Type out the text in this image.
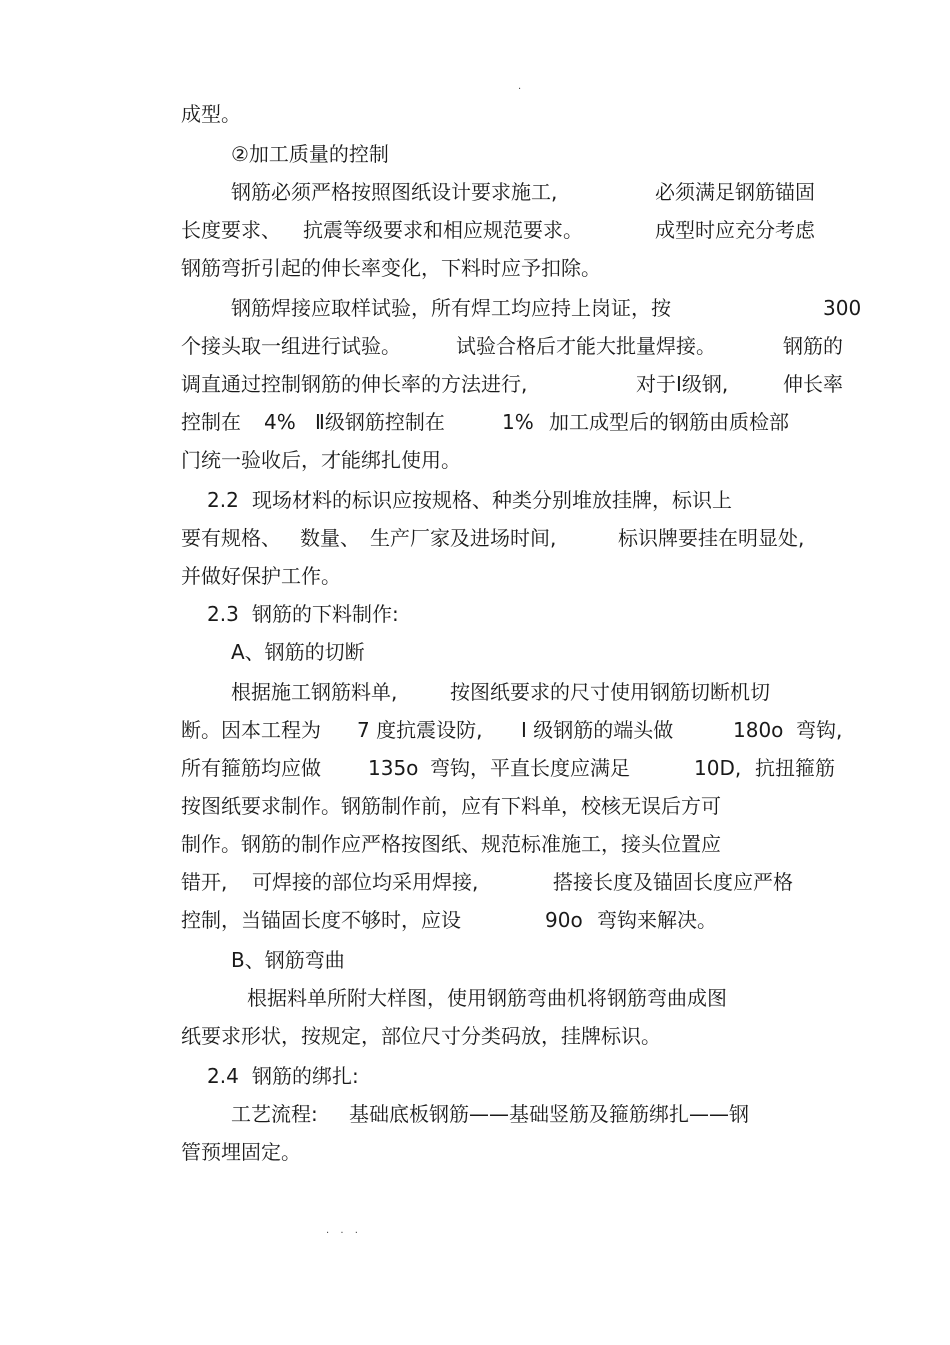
.
成型。
②加工质量的控制
钢筋必须严格按照图纸设计要求施工,	必须满足钢筋锚固
长度要求、 抗震等级要求和相应规范要求。	成型时应充分考虑
钢筋弯折引起的伸长率变化，下料时应予扣除。
钢筋焊接应取样试验，所有焊工均应持上岗证，按	300
个接头取一组进行试验。	试验合格后才能大批量焊接。	钢筋的
调直通过控制钢筋的伸长率的方法进行,	对于Ⅰ级钢,	伸长率
控制在 4% Ⅱ级钢筋控制在	1% 加工成型后的钢筋由质检部
门统一验收后，才能绑扎使用。
2.2 现场材料的标识应按规格、种类分别堆放挂牌，标识上
要有规格、 数量、 生产厂家及进场时间,	标识牌要挂在明显处,
并做好保护工作。
2.3 钢筋的下料制作:
A、钢筋的切断
根据施工钢筋料单,	按图纸要求的尺寸使用钢筋切断机切
断。因本工程为 7 度抗震设防, Ⅰ 级钢筋的端头做	180o 弯钩,
所有箍筋均应做 135o 弯钩，平直长度应满足	10D, 抗扭箍筋
按图纸要求制作。钢筋制作前，应有下料单，校核无误后方可
制作。钢筋的制作应严格按图纸、规范标准施工，接头位置应
错开, 可焊接的部位均采用焊接,	搭接长度及锚固长度应严格
控制，当锚固长度不够时，应设	90o 弯钩来解决。
B、钢筋弯曲
根据料单所附大样图，使用钢筋弯曲机将钢筋弯曲成图
纸要求形状，按规定，部位尺寸分类码放，挂牌标识。
2.4 钢筋的绑扎:
工艺流程: 基础底板钢筋——基础竖筋及箍筋绑扎——钢
管预埋固定。
. . .
